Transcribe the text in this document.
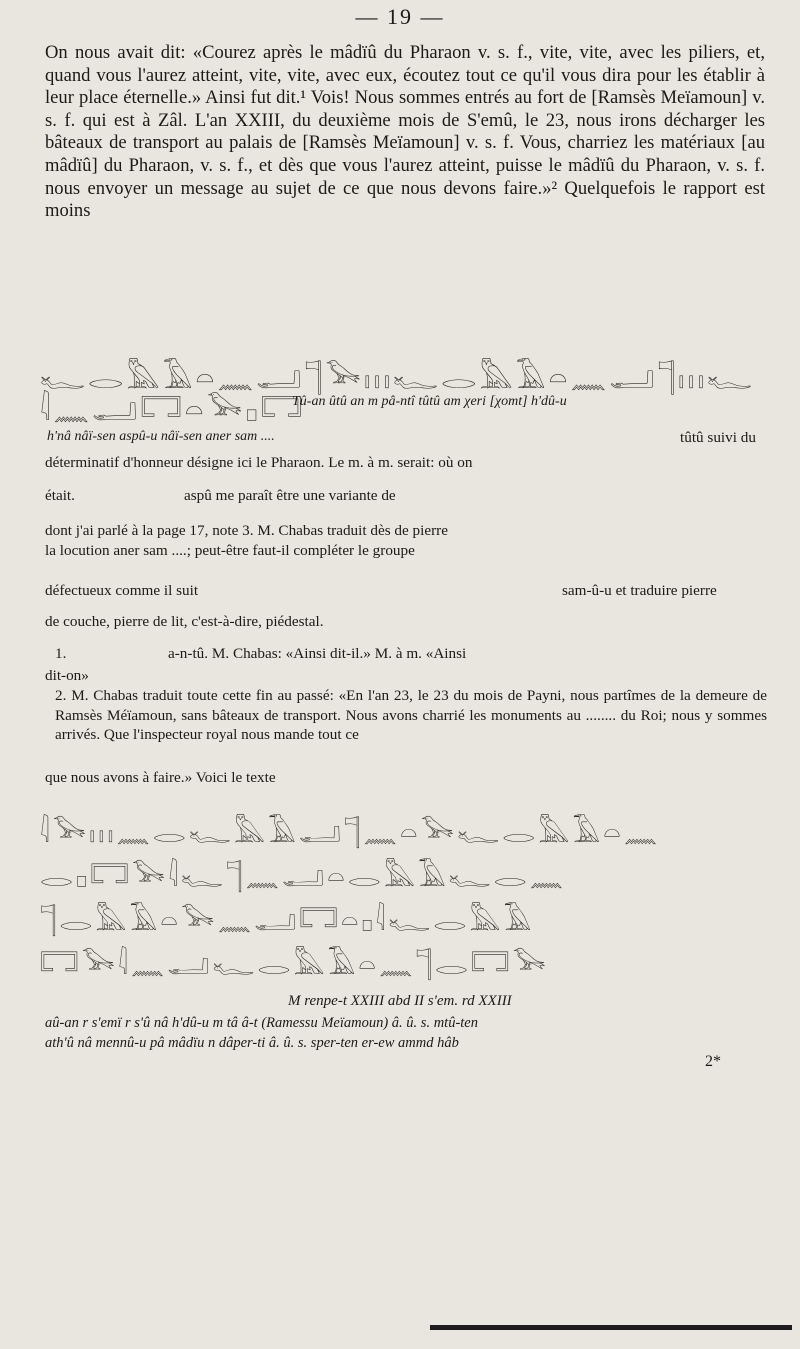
— 19 —
On nous avait dit: «Courez après le mâdïû du Pharaon v. s. f., vite, vite, avec les piliers, et, quand vous l'aurez atteint, vite, vite, avec eux, écoutez tout ce qu'il vous dira pour les établir à leur place éternelle.» Ainsi fut dit.¹ Vois! Nous sommes entrés au fort de [Ramsès Meïamoun] v. s. f. qui est à Zâl. L'an XXIII, du deuxième mois de S'emû, le 23, nous irons décharger les bâteaux de transport au palais de [Ramsès Meïamoun] v. s. f. Vous, charriez les matériaux [au mâdïû] du Pharaon, v. s. f., et dès que vous l'aurez atteint, puisse le mâdïû du Pharaon, v. s. f. nous envoyer un message au sujet de ce que nous devons faire.»² Quelquefois le rapport est moins
𓆑𓂋𓅓𓄿𓏏𓈖𓂝𓊹𓅨𓏥𓆑𓂋𓅓𓄿𓏏𓈖𓂝𓊹𓏥𓆑
𓇋𓈖𓂝𓉐𓏏𓅨𓊪𓉐
Tû-an ûtû an m pâ-ntî tûtû am χeri [χomt] h'dû-u
h'nâ nâï-sen aspû-u nâï-sen aner sam ....	tûtû suivi du
déterminatif d'honneur désigne ici le Pharaon. Le m. à m. serait: où on
était.	aspû me paraît être une variante de
dont j'ai parlé à la page 17, note 3. M. Chabas traduit dès de pierre
la locution aner sam ....; peut-être faut-il compléter le groupe
défectueux comme il suit	sam-û-u et traduire pierre
de couche, pierre de lit, c'est-à-dire, piédestal.
1.	a-n-tû. M. Chabas: «Ainsi dit-il.» M. à m. «Ainsi
dit-on»
2. M. Chabas traduit toute cette fin au passé: «En l'an 23, le 23 du mois de Payni, nous partîmes de la demeure de Ramsès Méïamoun, sans bâteaux de transport. Nous avons charrié les monuments au ........ du Roi; nous y sommes arrivés. Que l'inspecteur royal nous mande tout ce
que nous avons à faire.» Voici le texte
𓇋𓅨𓏥𓈖𓂋𓆑𓅓𓄿𓂝𓊹𓈖𓏏𓅨𓆑𓂋𓅓𓄿𓏏𓈖
𓂋𓊪𓉐𓅨𓇋𓆑𓊹𓈖𓂝𓏏𓂋𓅓𓄿𓆑𓂋𓈖
𓊹𓂋𓅓𓄿𓏏𓅨𓈖𓂝𓉐𓏏𓊪𓇋𓆑𓂋𓅓𓄿
𓉐𓅨𓇋𓈖𓂝𓆑𓂋𓅓𓄿𓏏𓈖𓊹𓂋𓉐𓅨
M renpe-t XXIII abd II s'em. rd XXIII
aû-an r s'emï r s'û nâ h'dû-u m tâ â-t (Ramessu Meïamoun) â. û. s. mtû-ten
ath'û nâ mennû-u pâ mâdïu n dâper-ti â. û. s. sper-ten er-ew ammd hâb
2*
